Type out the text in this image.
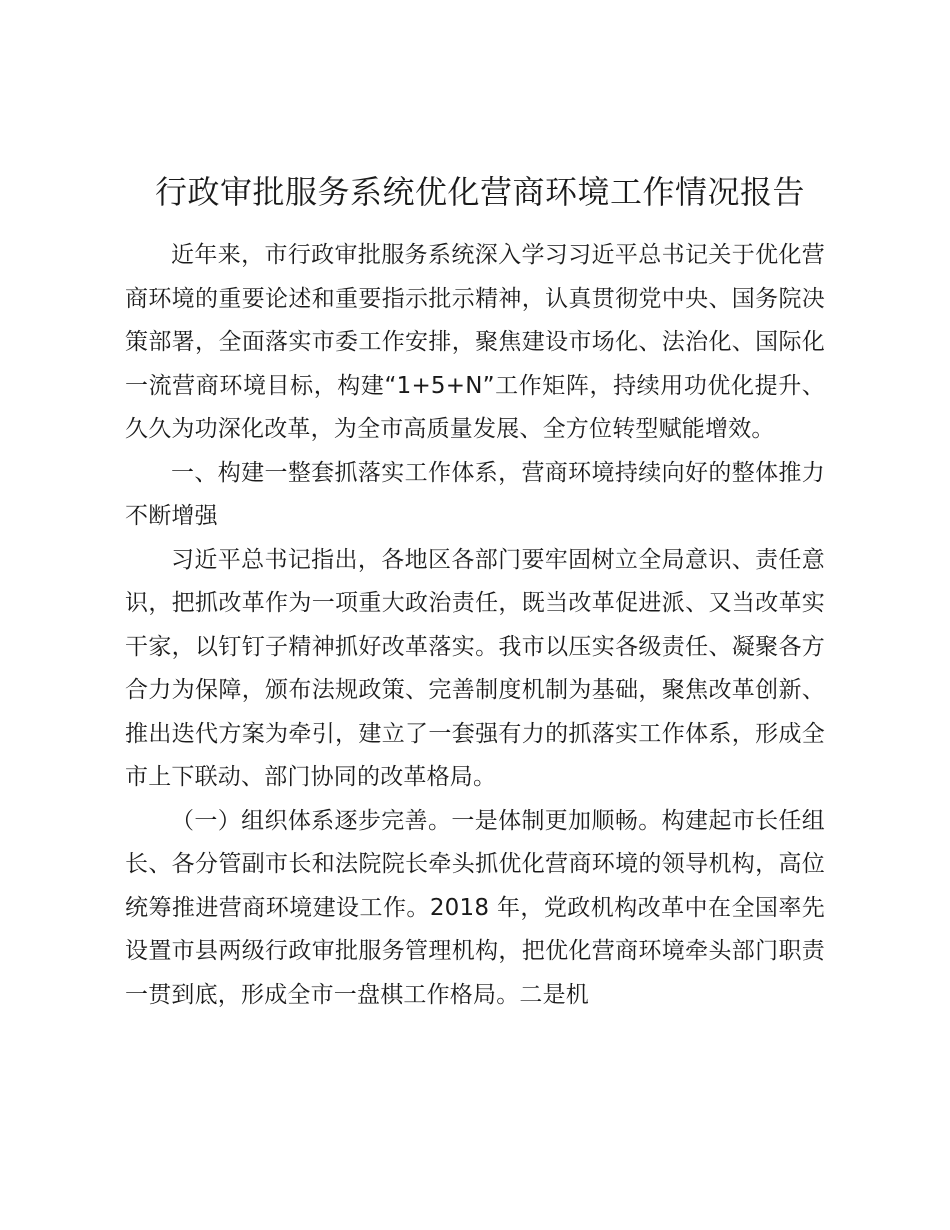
行政审批服务系统优化营商环境工作情况报告

近年来，市行政审批服务系统深入学习习近平总书记关于优化营商环境的重要论述和重要指示批示精神，认真贯彻党中央、国务院决策部署，全面落实市委工作安排，聚焦建设市场化、法治化、国际化一流营商环境目标，构建“1+5+N”工作矩阵，持续用功优化提升、久久为功深化改革，为全市高质量发展、全方位转型赋能增效。

一、构建一整套抓落实工作体系，营商环境持续向好的整体推力不断增强

习近平总书记指出，各地区各部门要牢固树立全局意识、责任意识，把抓改革作为一项重大政治责任，既当改革促进派、又当改革实干家，以钉钉子精神抓好改革落实。我市以压实各级责任、凝聚各方合力为保障，颁布法规政策、完善制度机制为基础，聚焦改革创新、推出迭代方案为牵引，建立了一套强有力的抓落实工作体系，形成全市上下联动、部门协同的改革格局。

（一）组织体系逐步完善。一是体制更加顺畅。构建起市长任组长、各分管副市长和法院院长牵头抓优化营商环境的领导机构，高位统筹推进营商环境建设工作。2018 年，党政机构改革中在全国率先设置市县两级行政审批服务管理机构，把优化营商环境牵头部门职责一贯到底，形成全市一盘棋工作格局。二是机
